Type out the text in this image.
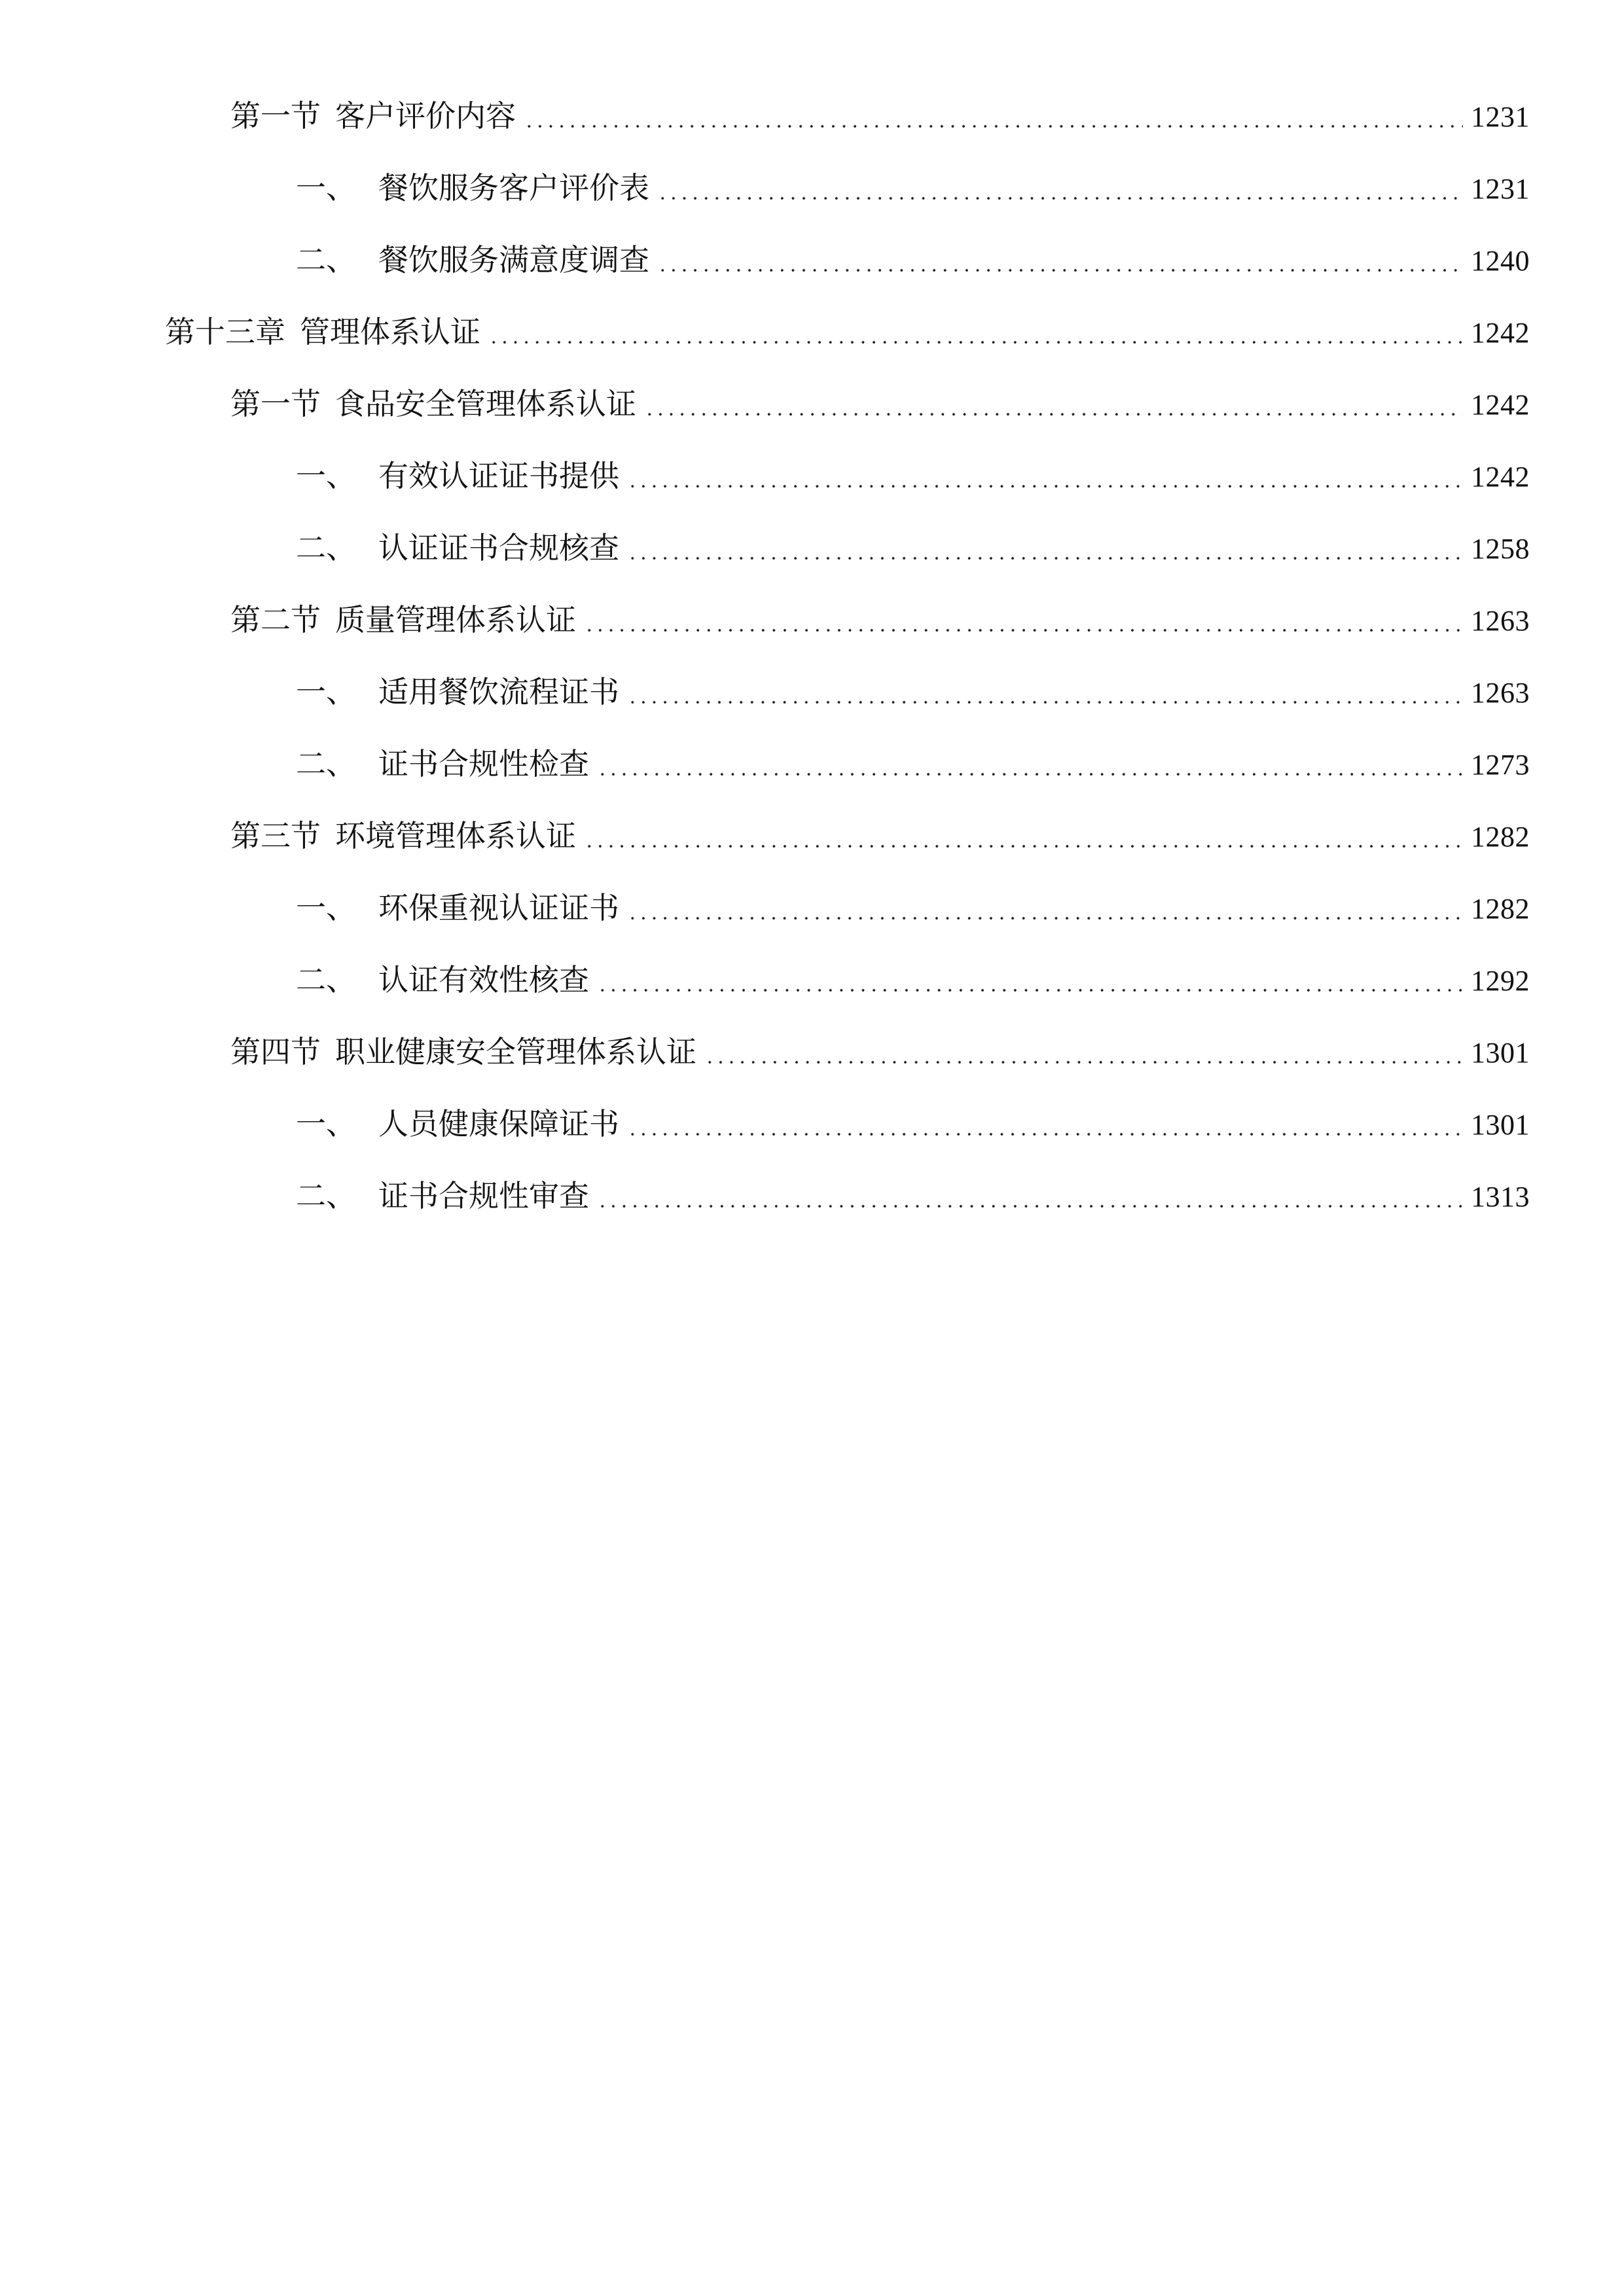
第一节 客户评价内容	1231
一、 餐饮服务客户评价表	1231
二、 餐饮服务满意度调查	1240
第十三章 管理体系认证	1242
第一节 食品安全管理体系认证	1242
一、 有效认证证书提供	1242
二、 认证证书合规核查	1258
第二节 质量管理体系认证	1263
一、 适用餐饮流程证书	1263
二、 证书合规性检查	1273
第三节 环境管理体系认证	1282
一、 环保重视认证证书	1282
二、 认证有效性核查	1292
第四节 职业健康安全管理体系认证	1301
一、 人员健康保障证书	1301
二、 证书合规性审查	1313
